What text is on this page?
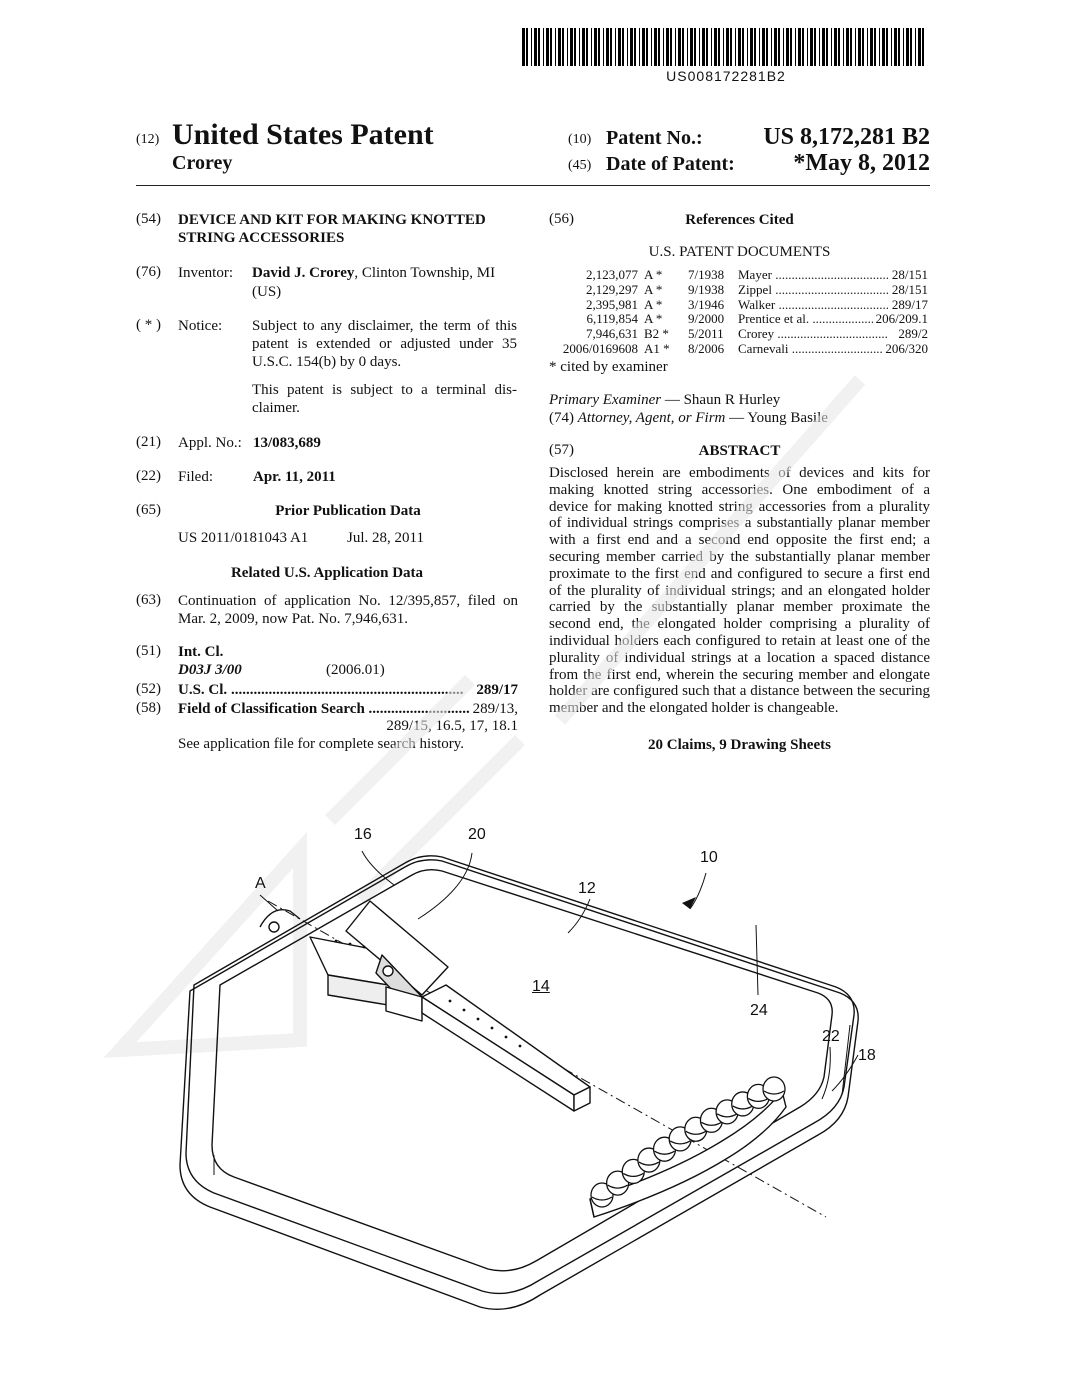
US008172281B2
(12) United States Patent
Crorey
(10) Patent No.:	US 8,172,281 B2
(45) Date of Patent:	*May 8, 2012
(54) DEVICE AND KIT FOR MAKING KNOTTED
STRING ACCESSORIES
(76) Inventor: David J. Crorey, Clinton Township, MI
(US)
( * ) Notice: Subject to any disclaimer, the term of this
patent is extended or adjusted under 35
U.S.C. 154(b) by 0 days.
This patent is subject to a terminal dis-
claimer.
(21) Appl. No.: 13/083,689
(22) Filed:	Apr. 11, 2011
(65)	Prior Publication Data
US 2011/0181043 A1	Jul. 28, 2011
Related U.S. Application Data
(63) Continuation of application No. 12/395,857, filed on
Mar. 2, 2009, now Pat. No. 7,946,631.
(51) Int. Cl.
D03J 3/00	(2006.01)
(52) U.S. Cl. .....	289/17
(58) Field of Classification Search .....	289/13,
289/15, 16.5, 17, 18.1
See application file for complete search history.
(56)	References Cited
U.S. PATENT DOCUMENTS
2,123,077 A *	7/1938	Mayer .....	28/151
2,129,297 A *	9/1938	Zippel .....	28/151
2,395,981 A *	3/1946	Walker .....	289/17
6,119,854 A *	9/2000	Prentice et al. .....	206/209.1
7,946,631 B2 * 5/2011	Crorey .....	289/2
2006/0169608 A1 * 8/2006	Carnevali .....	206/320
* cited by examiner
Primary Examiner — Shaun R Hurley
(74) Attorney, Agent, or Firm — Young Basile
(57)	ABSTRACT
Disclosed herein are embodiments of devices and kits for making knotted string accessories. One embodiment of a device for making knotted string accessories from a plurality of individual strings comprises a substantially planar member with a first end and a second end opposite the first end; a securing member carried by the substantially planar member proximate to the first end and configured to secure a first end of the plurality of individual strings; and an elongated holder carried by the substantially planar member proximate the second end, the elongated holder comprising a plurality of individual holders each configured to retain at least one of the plurality of individual strings at a location a spaced distance from the first end, wherein the securing member and elongate holder are configured such that a distance between the securing member and the elongated holder is changeable.
20 Claims, 9 Drawing Sheets
16	20
10
A	12
14
24
22
18
